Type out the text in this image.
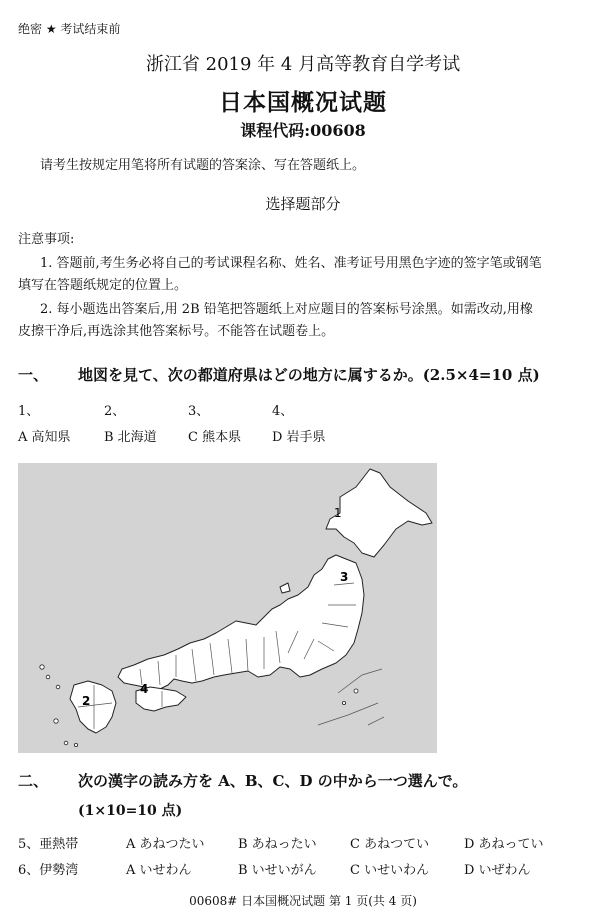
绝密 ★ 考试结束前
浙江省 2019 年 4 月高等教育自学考试
日本国概况试题
课程代码:00608
请考生按规定用笔将所有试题的答案涂、写在答题纸上。
选择题部分
注意事项:
1. 答题前,考生务必将自己的考试课程名称、姓名、准考证号用黑色字迹的签字笔或钢笔
填写在答题纸规定的位置上。
2. 每小题选出答案后,用 2B 铅笔把答题纸上对应题目的答案标号涂黑。如需改动,用橡
皮擦干净后,再选涂其他答案标号。不能答在试题卷上。
一、 地図を見て、次の都道府県はどの地方に属するか。(2.5×4=10 点)
1、	2、	3、	4、
A 高知県	B 北海道 C 熊本県 D 岩手県
1
2
3
4
二、 次の漢字の読み方を A、B、C、D の中から一つ選んで。
(1×10=10 点)
5、亜熱帯	A あねつたい	B あねったい	C あねつてい	D あねってい
6、伊勢湾	A いせわん	B いせいがん	C いせいわん	D いぜわん
00608# 日本国概况试题 第 1 页(共 4 页)
